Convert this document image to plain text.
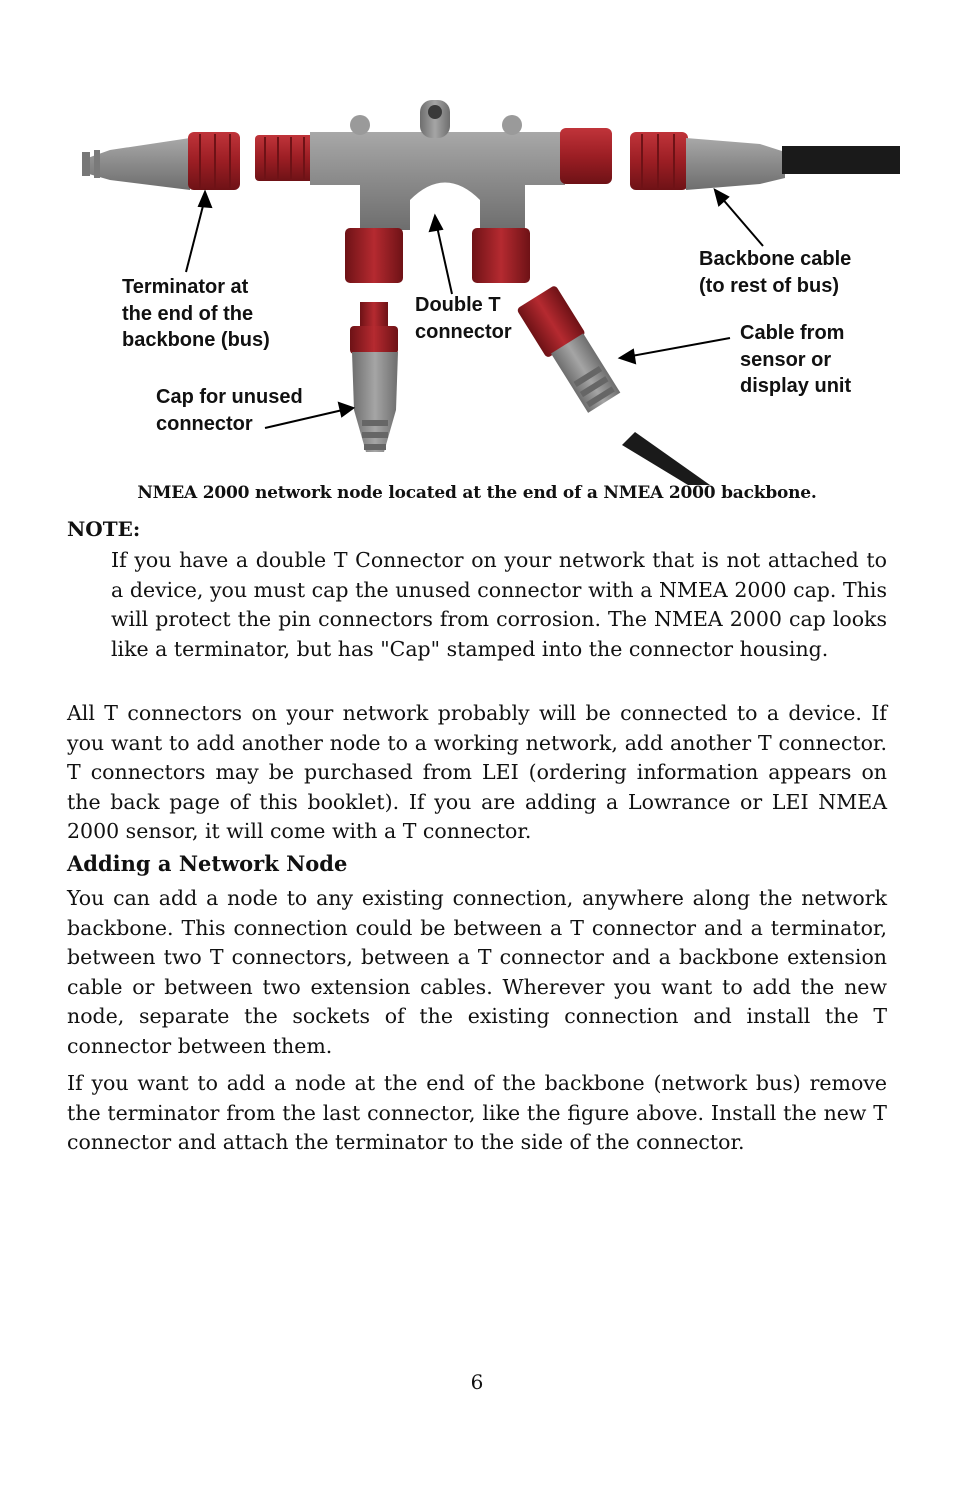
Terminator at
the end of the
backbone (bus)
Double T
connector
Backbone cable
(to rest of bus)
Cable from
sensor or
display unit
Cap for unused
connector
NMEA 2000 network node located at the end of a NMEA 2000 backbone.
NOTE:
If you have a double T Connector on your network that is not attached to a device, you must cap the unused connector with a NMEA 2000 cap. This will protect the pin connectors from corrosion. The NMEA 2000 cap looks like a terminator, but has "Cap" stamped into the connector housing.
All T connectors on your network probably will be connected to a device. If you want to add another node to a working network, add another T connector. T connectors may be purchased from LEI (ordering information appears on the back page of this booklet). If you are adding a Lowrance or LEI NMEA 2000 sensor, it will come with a T connector.
Adding a Network Node
You can add a node to any existing connection, anywhere along the network backbone. This connection could be between a T connector and a terminator, between two T connectors, between a T connector and a backbone extension cable or between two extension cables. Wherever you want to add the new node, separate the sockets of the existing connection and install the T connector between them.
If you want to add a node at the end of the backbone (network bus) remove the terminator from the last connector, like the figure above. Install the new T connector and attach the terminator to the side of the connector.
6
